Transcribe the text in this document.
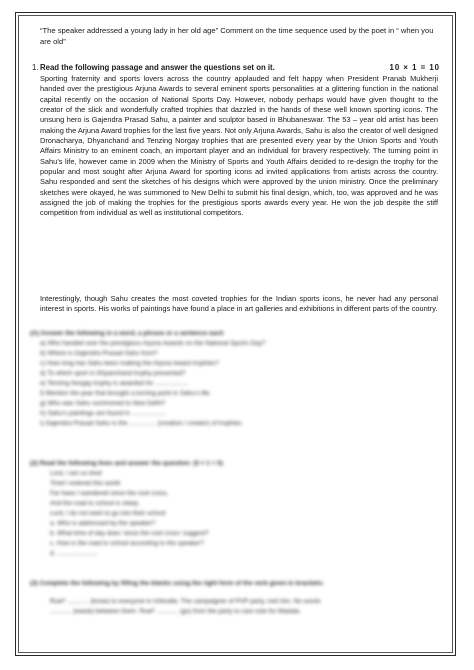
“The speaker addressed a young lady in her old age” Comment on the time sequence used by the poet in “ when you are old”

1. Read the following passage and answer the questions set on it.	10 × 1 = 10

Sporting fraternity and sports lovers across the country applauded and felt happy when President Pranab Mukherji handed over the prestigious Arjuna Awards to several eminent sports personalities at a glittering function in the national capital recently on the occasion of National Sports Day. However, nobody perhaps would have given thought to the creator of the slick and wonderfully crafted trophies that dazzled in the hands of these well known sporting icons. The unsung hero is Gajendra Prasad Sahu, a painter and sculptor based in Bhubaneswar. The 53 – year old artist has been making the Arjuna Award trophies for the last five years. Not only Arjuna Awards, Sahu is also the creator of well designed Dronacharya, Dhyanchand and Tenzing Norgay trophies that are presented every year by the Union Sports and Youth Affairs Ministry to an eminent coach, an important player and an individual for bravery respectively. The turning point in Sahu’s life, however came in 2009 when the Ministry of Sports and Youth Affairs decided to re-design the trophy for the popular and most sought after Arjuna Award for sporting icons ad invited applications from artists across the country. Sahu responded and sent the sketches of his designs which were approved by the union ministry. Once the preliminary sketches were okayed, he was summoned to New Delhi to submit his final design, which, too, was approved and he was assigned the job of making the trophies for the prestigious sports awards every year. He won the job despite the stiff competition from individual as well as institutional competitors.

Interestingly, though Sahu creates the most coveted trophies for the Indian sports icons, he never had any personal interest in sports. His works of paintings have found a place in art galleries and exhibitions in different parts of the country.

(A) Answer the following in a word, a phrase or a sentence each
a) Who handed over the prestigious Arjuna Awards on the National Sports Day?
b) Where is Gajendra Prasad Sahu from?
c) How long has Sahu been making the Arjuna Award trophies?
d) To which sport is Dhyanchand trophy presented?
e) Tenzing Norgay trophy is awarded for ...................
f) Mention the year that brought a turning point in Sahu’s life.
g) Who was Sahu summoned to New Delhi?
h) Sahu’s paintings are found in ...................
i) Gajendra Prasad Sahu is the ............... (creation / creator) of trophies.
(2) Read the following lines and answer the question: (5 × 1 = 5)
Lord, I am so tired
Tired I entered this world
Far have I wandered since the cool cross,
And the road to school is steep,
Lord, I do not want to go into their school
a. Who is addressed by the speaker?
b. What time of day does 'since the cool cross' suggest?
c. How is the road to school according to the speaker?
d. .......................
(3) Complete the following by filling the blanks using the right form of the verb given in brackets:
Ruel* ............ (know) to everyone in Ichkodla. The campaigner of PVP party, met him. No words
............ (waste) between them. Ruel* ............ (go) from the party to cast vote for Madala.
